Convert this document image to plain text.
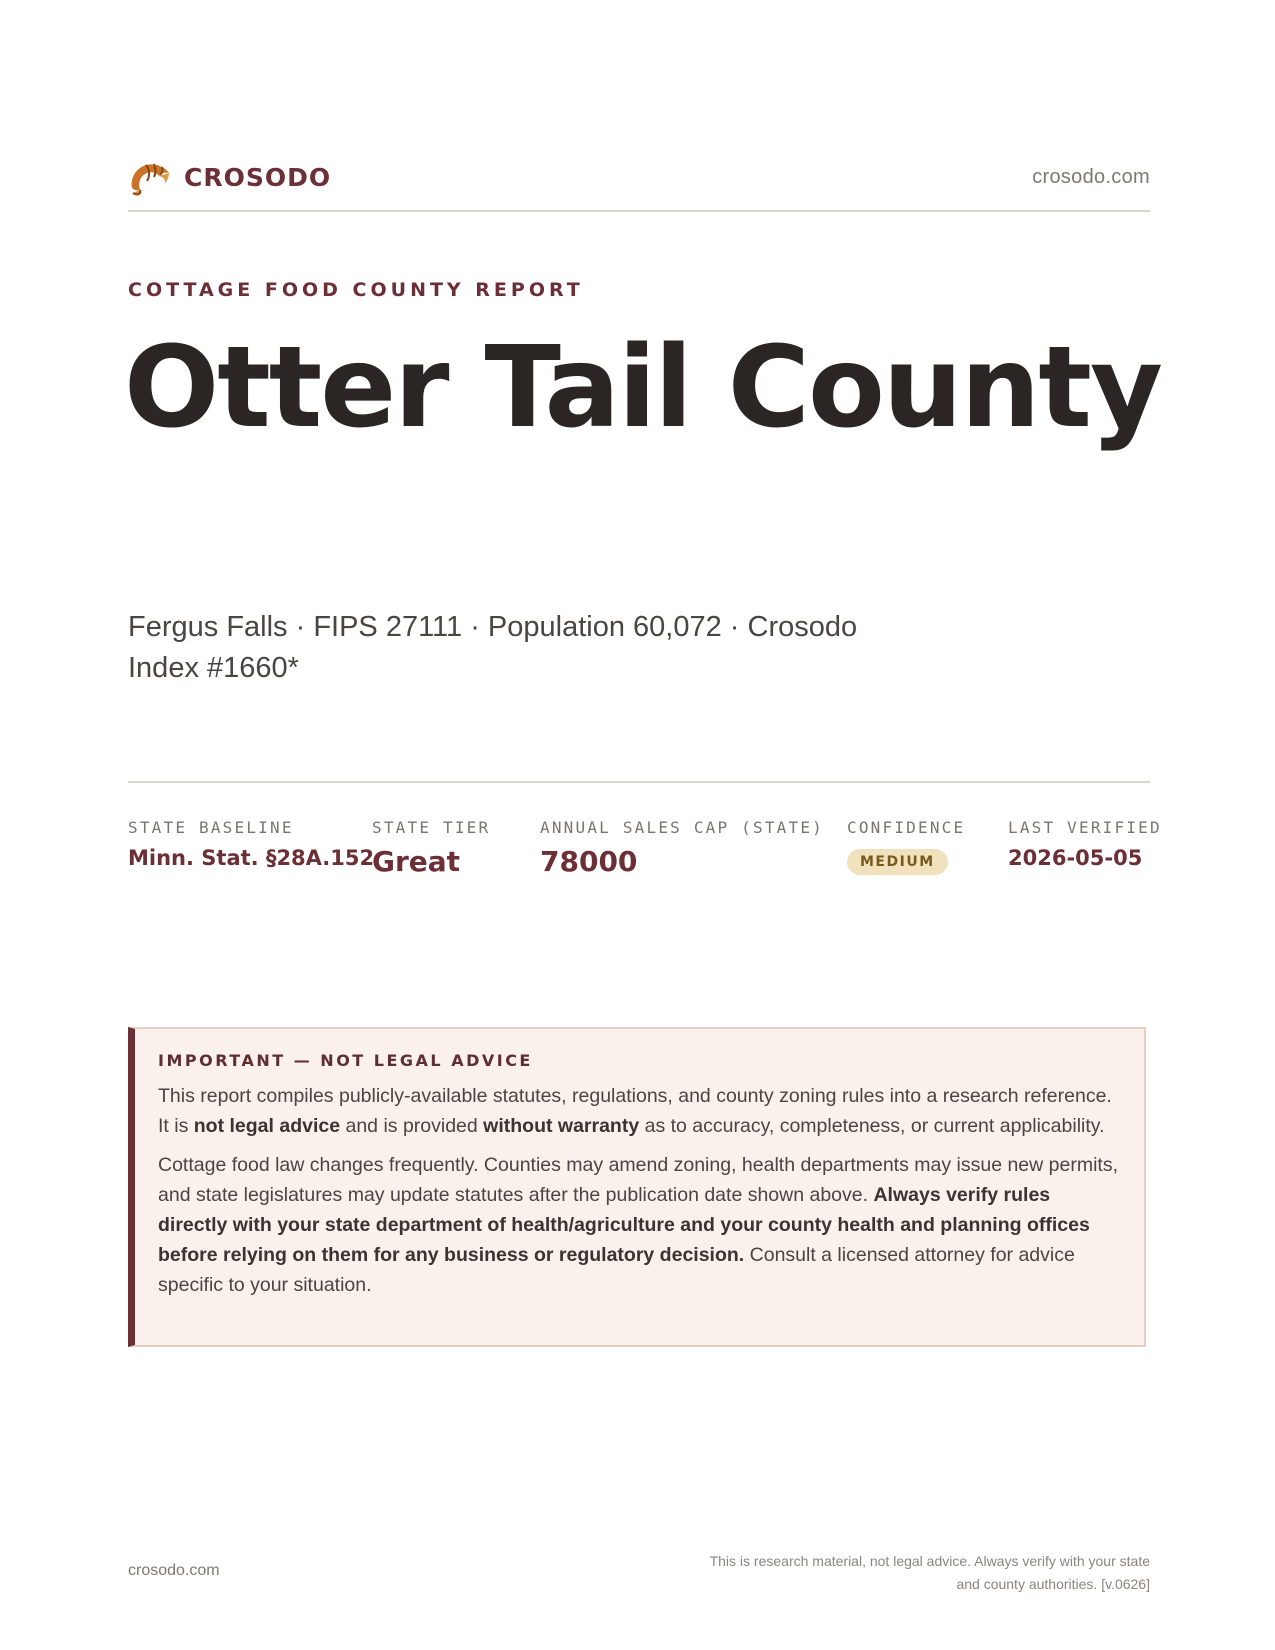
CROSODO	crosodo.com
COTTAGE FOOD COUNTY REPORT
Otter Tail County
Fergus Falls · FIPS 27111 · Population 60,072 · Crosodo Index #1660*
STATE BASELINE
Minn. Stat. §28A.152
STATE TIER
Great
ANNUAL SALES CAP (STATE)
78000
CONFIDENCE
MEDIUM
LAST VERIFIED
2026-05-05
IMPORTANT — NOT LEGAL ADVICE

This report compiles publicly-available statutes, regulations, and county zoning rules into a research reference. It is not legal advice and is provided without warranty as to accuracy, completeness, or current applicability.

Cottage food law changes frequently. Counties may amend zoning, health departments may issue new permits, and state legislatures may update statutes after the publication date shown above. Always verify rules directly with your state department of health/agriculture and your county health and planning offices before relying on them for any business or regulatory decision. Consult a licensed attorney for advice specific to your situation.

crosodo.com
This is research material, not legal advice. Always verify with your state
and county authorities. [v.0626]
